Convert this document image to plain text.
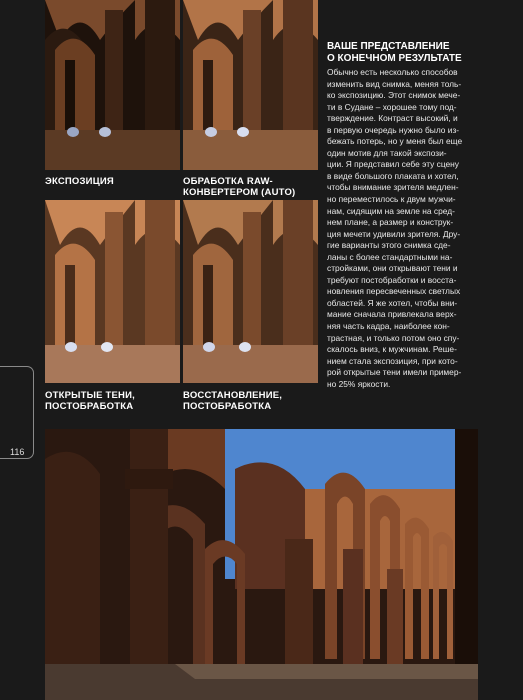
ЭКСПОЗИЦИЯ	ОБРАБОТКА RAW-
КОНВЕРТЕРОМ (AUTO)
ОТКРЫТЫЕ ТЕНИ,
ПОСТОБРАБОТКА
ВОССТАНОВЛЕНИЕ,
ПОСТОБРАБОТКА
ВАШЕ ПРЕДСТАВЛЕНИЕ
О КОНЕЧНОМ РЕЗУЛЬТАТЕ
Обычно есть несколько способов
изменить вид снимка, меняя толь-
ко экспозицию. Этот снимок мече-
ти в Судане – хорошее тому под-
тверждение. Контраст высокий, и
в первую очередь нужно было из-
бежать потерь, но у меня был еще
один мотив для такой экспози-
ции. Я представил себе эту сцену
в виде большого плаката и хотел,
чтобы внимание зрителя медлен-
но переместилось к двум мужчи-
нам, сидящим на земле на сред-
нем плане, а размер и конструк-
ция мечети удивили зрителя. Дру-
гие варианты этого снимка сде-
ланы с более стандартными на-
стройками, они открывают тени и
требуют постобработки и восста-
новления пересвеченных светлых
областей. Я же хотел, чтобы вни-
мание сначала привлекала верх-
няя часть кадра, наиболее кон-
трастная, и только потом оно спу-
скалось вниз, к мужчинам. Реше-
нием стала экспозиция, при кото-
рой открытые тени имели пример-
но 25% яркости.
116
